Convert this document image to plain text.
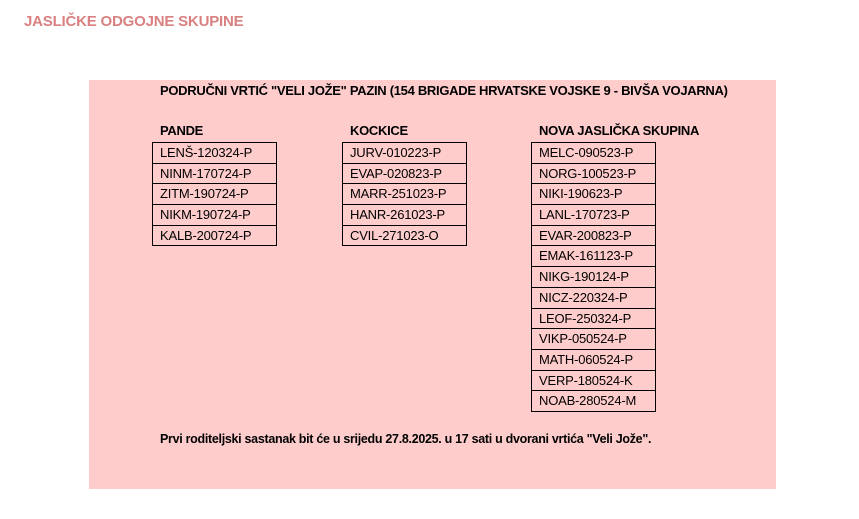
JASLIČKE ODGOJNE SKUPINE
PODRUČNI VRTIĆ "VELI JOŽE" PAZIN (154 BRIGADE HRVATSKE VOJSKE 9 - BIVŠA VOJARNA)
PANDE
LENŠ-120324-P
NINM-170724-P
ZITM-190724-P
NIKM-190724-P
KALB-200724-P
KOCKICE
JURV-010223-P
EVAP-020823-P
MARR-251023-P
HANR-261023-P
CVIL-271023-O
NOVA JASLIČKA SKUPINA
MELC-090523-P
NORG-100523-P
NIKI-190623-P
LANL-170723-P
EVAR-200823-P
EMAK-161123-P
NIKG-190124-P
NICZ-220324-P
LEOF-250324-P
VIKP-050524-P
MATH-060524-P
VERP-180524-K
NOAB-280524-M

Prvi roditeljski sastanak bit će u srijedu 27.8.2025. u 17 sati u dvorani vrtića "Veli Jože".
